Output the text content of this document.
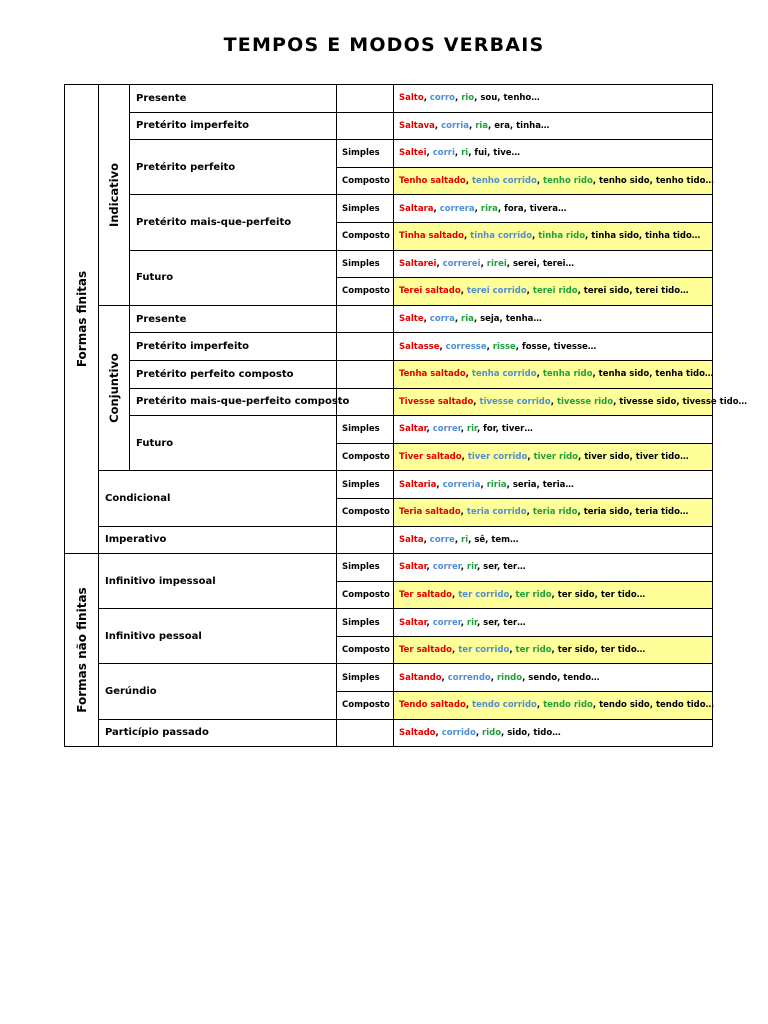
TEMPOS E MODOS VERBAIS
Formas finitas	Indicativo	Presente		Salto, corro, rio, sou, tenho…
		Pretérito imperfeito		Saltava, corria, ria, era, tinha…
		Pretérito perfeito	Simples	Saltei, corri, ri, fui, tive…
			Composto	Tenho saltado, tenho corrido, tenho rido, tenho sido, tenho tido…
		Pretérito mais-que-perfeito	Simples	Saltara, correra, rira, fora, tivera…
			Composto	Tinha saltado, tinha corrido, tinha rido, tinha sido, tinha tido…
		Futuro	Simples	Saltarei, correrei, rirei, serei, terei…
			Composto	Terei saltado, terei corrido, terei rido, terei sido, terei tido…

	Conjuntivo	Presente		Salte, corra, ria, seja, tenha…
		Pretérito imperfeito		Saltasse, corresse, risse, fosse, tivesse…
		Pretérito perfeito composto		Tenha saltado, tenha corrido, tenha rido, tenha sido, tenha tido…
		Pretérito mais-que-perfeito composto		Tivesse saltado, tivesse corrido, tivesse rido, tivesse sido, tivesse tido…
		Futuro	Simples	Saltar, correr, rir, for, tiver…
			Composto	Tiver saltado, tiver corrido, tiver rido, tiver sido, tiver tido…
	Condicional		Simples	Saltaria, correria, riria, seria, teria…
			Composto	Teria saltado, teria corrido, teria rido, teria sido, teria tido…
	Imperativo			Salta, corre, ri, sê, tem…

Formas não finitas	Infinitivo impessoal		Simples	Saltar, correr, rir, ser, ter…
			Composto	Ter saltado, ter corrido, ter rido, ter sido, ter tido…
	Infinitivo pessoal		Simples	Saltar, correr, rir, ser, ter…
			Composto	Ter saltado, ter corrido, ter rido, ter sido, ter tido…
	Gerúndio		Simples	Saltando, correndo, rindo, sendo, tendo…
			Composto	Tendo saltado, tendo corrido, tendo rido, tendo sido, tendo tido…
	Particípio passado			Saltado, corrido, rido, sido, tido…
